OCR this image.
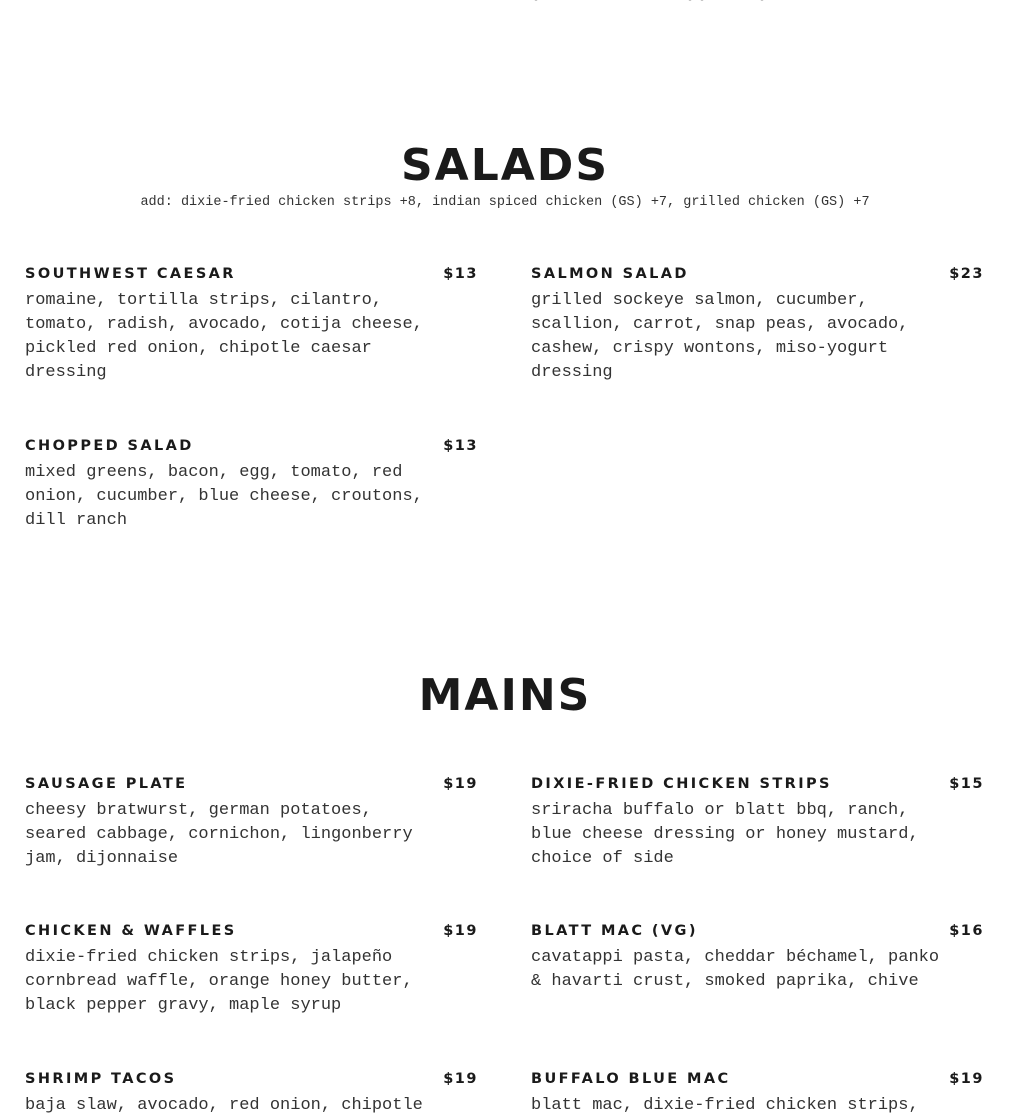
SALADS

add: dixie-fried chicken strips +8, indian spiced chicken (GS) +7, grilled chicken (GS) +7

SOUTHWEST CAESAR	$13

romaine, tortilla strips, cilantro, tomato, radish, avocado, cotija cheese, pickled red onion, chipotle caesar dressing

SALMON SALAD	$23

grilled sockeye salmon, cucumber, scallion, carrot, snap peas, avocado, cashew, crispy wontons, miso-yogurt dressing

CHOPPED SALAD	$13

mixed greens, bacon, egg, tomato, red onion, cucumber, blue cheese, croutons, dill ranch

MAINS
SAUSAGE PLATE	$19

cheesy bratwurst, german potatoes, seared cabbage, cornichon, lingonberry jam, dijonnaise

DIXIE-FRIED CHICKEN STRIPS	$15

sriracha buffalo or blatt bbq, ranch, blue cheese dressing or honey mustard, choice of side

CHICKEN & WAFFLES	$19

dixie-fried chicken strips, jalapeño cornbread waffle, orange honey butter, black pepper gravy, maple syrup

BLATT MAC (VG)	$16

cavatappi pasta, cheddar béchamel, panko & havarti crust, smoked paprika, chive

SHRIMP TACOS	$19

baja slaw, avocado, red onion, chipotle

BUFFALO BLUE MAC	$19

blatt mac, dixie-fried chicken strips,
